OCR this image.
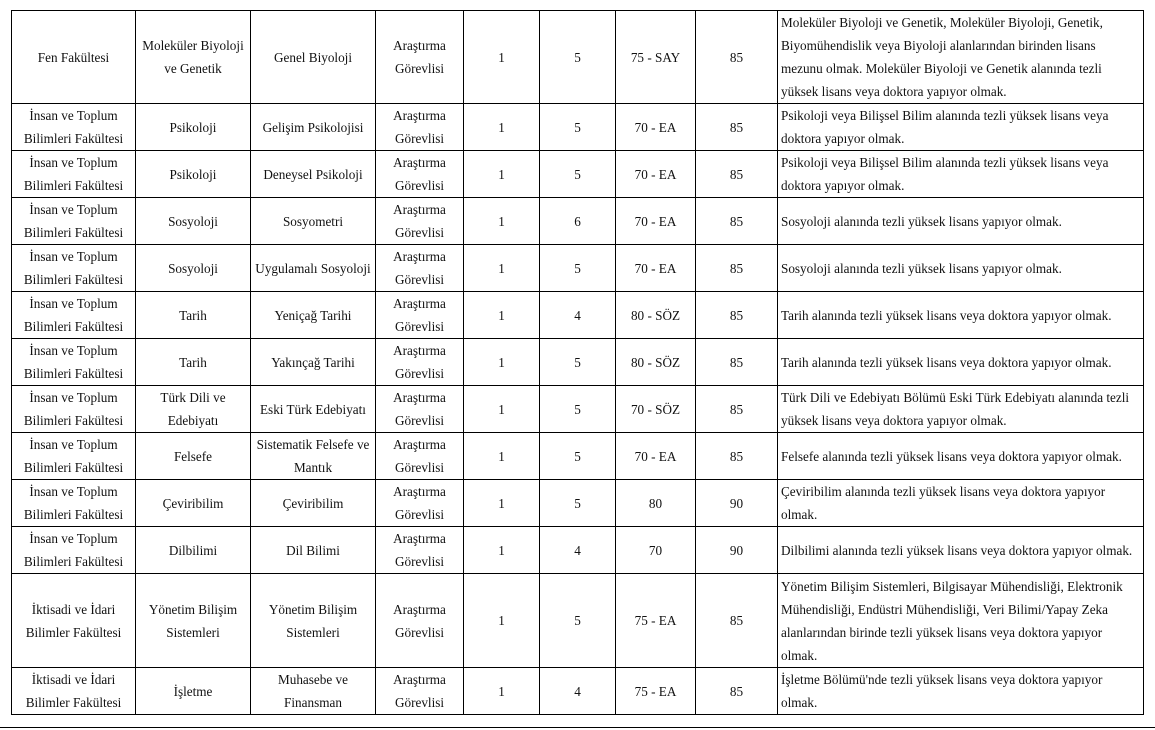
Fen Fakültesi	Moleküler Biyoloji ve Genetik	Genel Biyoloji	Araştırma Görevlisi	1	5	75 - SAY	85	Moleküler Biyoloji ve Genetik, Moleküler Biyoloji, Genetik, Biyomühendislik veya Biyoloji alanlarından birinden lisans mezunu olmak. Moleküler Biyoloji ve Genetik alanında tezli yüksek lisans veya doktora yapıyor olmak.
İnsan ve Toplum Bilimleri Fakültesi	Psikoloji	Gelişim Psikolojisi	Araştırma Görevlisi	1	5	70 - EA	85	Psikoloji veya Bilişsel Bilim alanında tezli yüksek lisans veya doktora yapıyor olmak.
İnsan ve Toplum Bilimleri Fakültesi	Psikoloji	Deneysel Psikoloji	Araştırma Görevlisi	1	5	70 - EA	85	Psikoloji veya Bilişsel Bilim alanında tezli yüksek lisans veya doktora yapıyor olmak.
İnsan ve Toplum Bilimleri Fakültesi	Sosyoloji	Sosyometri	Araştırma Görevlisi	1	6	70 - EA	85	Sosyoloji alanında tezli yüksek lisans yapıyor olmak.
İnsan ve Toplum Bilimleri Fakültesi	Sosyoloji	Uygulamalı Sosyoloji	Araştırma Görevlisi	1	5	70 - EA	85	Sosyoloji alanında tezli yüksek lisans yapıyor olmak.
İnsan ve Toplum Bilimleri Fakültesi	Tarih	Yeniçağ Tarihi	Araştırma Görevlisi	1	4	80 - SÖZ	85	Tarih alanında tezli yüksek lisans veya doktora yapıyor olmak.
İnsan ve Toplum Bilimleri Fakültesi	Tarih	Yakınçağ Tarihi	Araştırma Görevlisi	1	5	80 - SÖZ	85	Tarih alanında tezli yüksek lisans veya doktora yapıyor olmak.
İnsan ve Toplum Bilimleri Fakültesi	Türk Dili ve Edebiyatı	Eski Türk Edebiyatı	Araştırma Görevlisi	1	5	70 - SÖZ	85	Türk Dili ve Edebiyatı Bölümü Eski Türk Edebiyatı alanında tezli yüksek lisans veya doktora yapıyor olmak.
İnsan ve Toplum Bilimleri Fakültesi	Felsefe	Sistematik Felsefe ve Mantık	Araştırma Görevlisi	1	5	70 - EA	85	Felsefe alanında tezli yüksek lisans veya doktora yapıyor olmak.
İnsan ve Toplum Bilimleri Fakültesi	Çeviribilim	Çeviribilim	Araştırma Görevlisi	1	5	80	90	Çeviribilim alanında tezli yüksek lisans veya doktora yapıyor olmak.
İnsan ve Toplum Bilimleri Fakültesi	Dilbilimi	Dil Bilimi	Araştırma Görevlisi	1	4	70	90	Dilbilimi alanında tezli yüksek lisans veya doktora yapıyor olmak.
İktisadi ve İdari Bilimler Fakültesi	Yönetim Bilişim Sistemleri	Yönetim Bilişim Sistemleri	Araştırma Görevlisi	1	5	75 - EA	85	Yönetim Bilişim Sistemleri, Bilgisayar Mühendisliği, Elektronik Mühendisliği, Endüstri Mühendisliği, Veri Bilimi/Yapay Zeka alanlarından birinde tezli yüksek lisans veya doktora yapıyor olmak.
İktisadi ve İdari Bilimler Fakültesi	İşletme	Muhasebe ve Finansman	Araştırma Görevlisi	1	4	75 - EA	85	İşletme Bölümü'nde tezli yüksek lisans veya doktora yapıyor olmak.
